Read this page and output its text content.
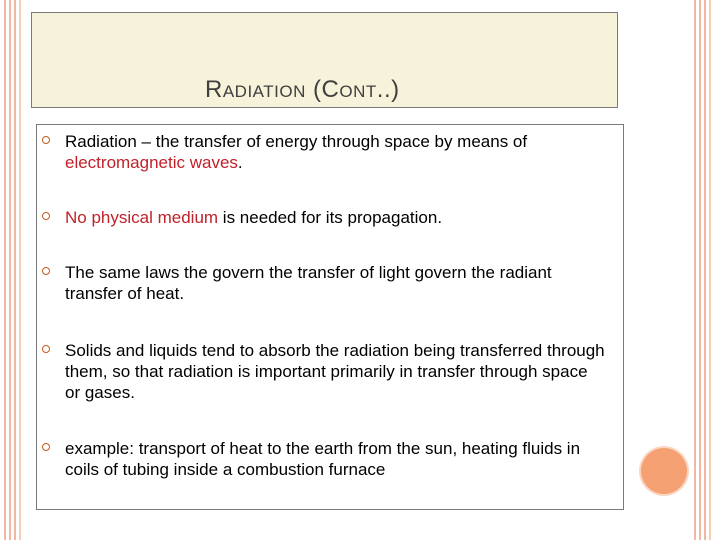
RADIATION (CONT..)
Radiation – the transfer of energy through space by means of electromagnetic waves.
No physical medium is needed for its propagation.
The same laws the govern the transfer of light govern the radiant transfer of heat.
Solids and liquids tend to absorb the radiation being transferred through them, so that radiation is important primarily in transfer through space or gases.
example: transport of heat to the earth from the sun, heating fluids in coils of tubing inside a combustion furnace
